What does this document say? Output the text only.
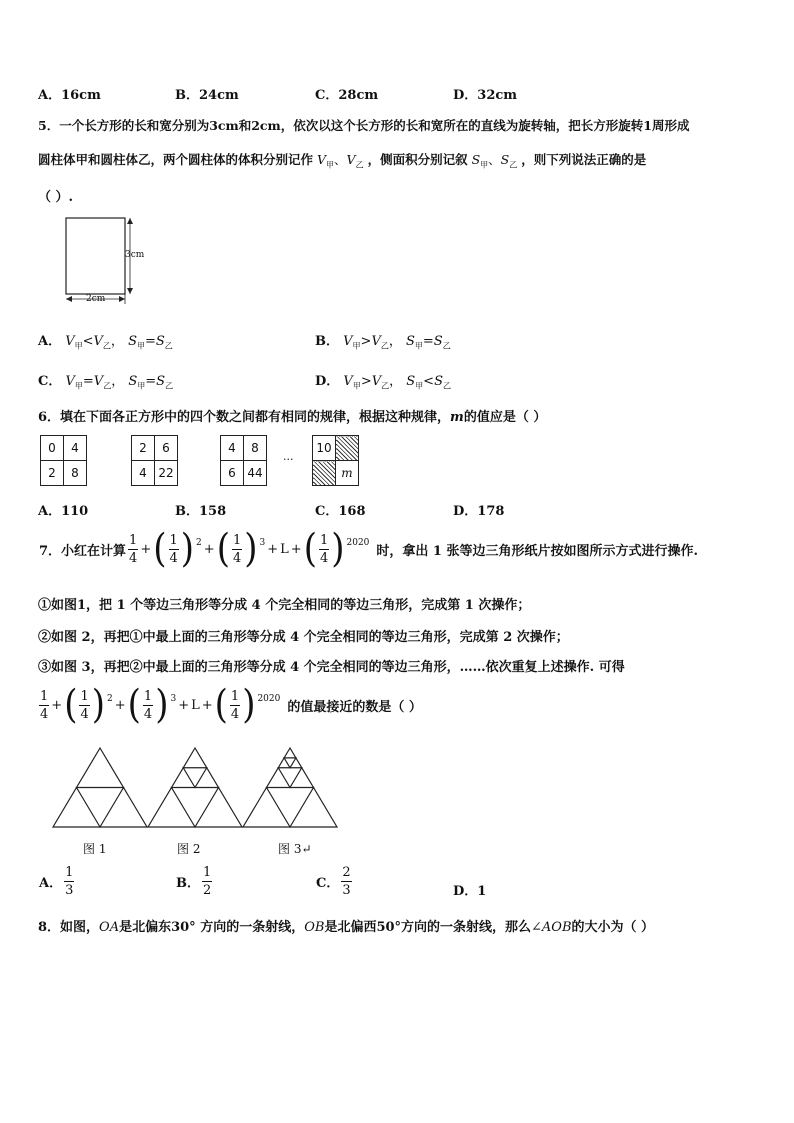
A．16cm	B．24cm	C．28cm	D．32cm
5．一个长方形的长和宽分别为3cm和2cm，依次以这个长方形的长和宽所在的直线为旋转轴，把长方形旋转1周形成
圆柱体甲和圆柱体乙，两个圆柱体的体积分别记作 $V_甲$、$V_乙$ ，侧面积分别记叙 $S_甲$、$S_乙$ ，则下列说法正确的是
（ ）.
3cm
2cm
A． $V_甲<V_乙$， $S_甲=S_乙$	B． $V_甲>V_乙$， $S_甲=S_乙$
C． $V_甲=V_乙$， $S_甲=S_乙$	D． $V_甲>V_乙$， $S_甲<S_乙$
6．填在下面各正方形中的四个数之间都有相同的规律，根据这种规律，m的值应是（ ）
0	4
2	8
2	6
4	22
4	8
6	44
···
10	
	m
A．110	B．158	C．168	D．178
7．小红在计算 $\frac{1}{4}$ + ( $\frac{1}{4}$ ) 2 + ( $\frac{1}{4}$ ) 3 + L + ( $\frac{1}{4}$ ) 2020
时，拿出 1 张等边三角形纸片按如图所示方式进行操作.
①如图1，把 1 个等边三角形等分成 4 个完全相同的等边三角形，完成第 1 次操作；
②如图 2，再把①中最上面的三角形等分成 4 个完全相同的等边三角形，完成第 2 次操作；
③如图 3，再把②中最上面的三角形等分成 4 个完全相同的等边三角形，……依次重复上述操作. 可得
$\frac{1}{4}$ + ( $\frac{1}{4}$ ) 2 + ( $\frac{1}{4}$ ) 3 + L + ( $\frac{1}{4}$ ) 2020
的值最接近的数是（ ）
图 1	图 2	图 3↵
A． $\frac{1}{3}$	B． $\frac{1}{2}$	C． $\frac{2}{3}$	D．1
8．如图，OA是北偏东30° 方向的一条射线，OB是北偏西50°方向的一条射线，那么∠AOB的大小为（ ）
